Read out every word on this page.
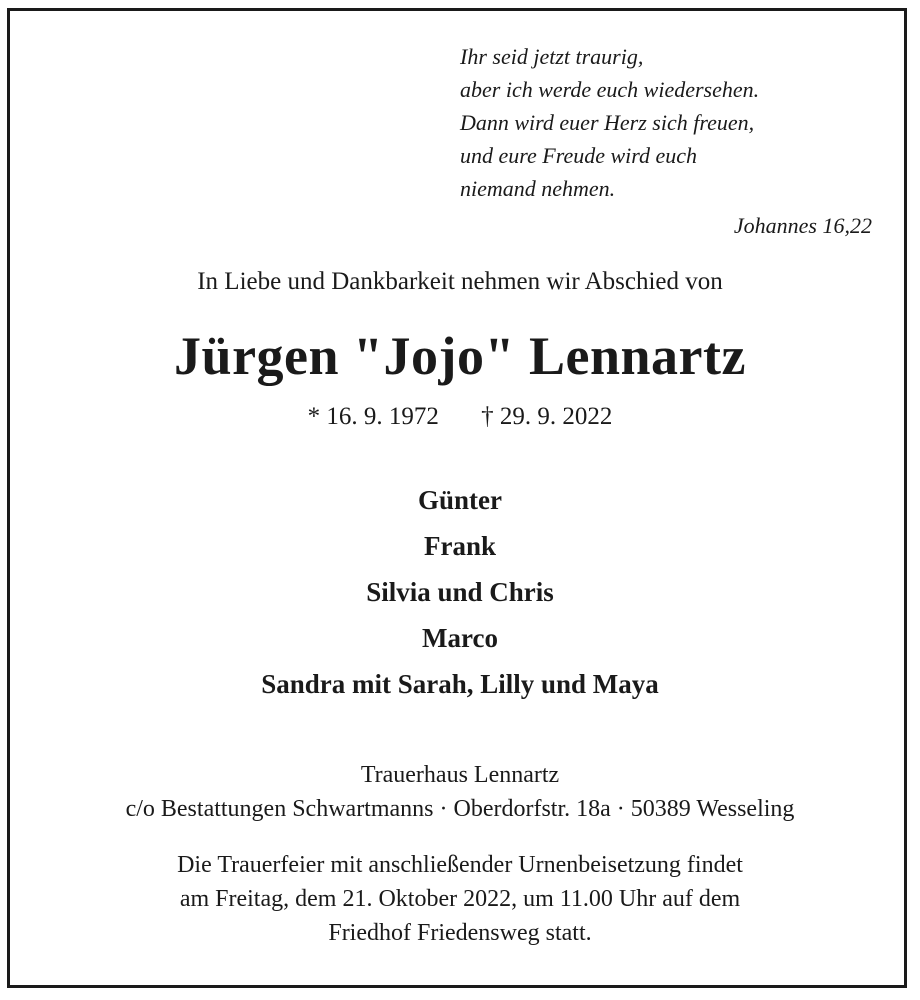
Ihr seid jetzt traurig,
aber ich werde euch wiedersehen.
Dann wird euer Herz sich freuen,
und eure Freude wird euch
niemand nehmen.
Johannes 16,22
In Liebe und Dankbarkeit nehmen wir Abschied von
Jürgen "Jojo" Lennartz
* 16. 9. 1972 † 29. 9. 2022
Günter
Frank
Silvia und Chris
Marco
Sandra mit Sarah, Lilly und Maya
Trauerhaus Lennartz
c/o Bestattungen Schwartmanns · Oberdorfstr. 18a · 50389 Wesseling
Die Trauerfeier mit anschließender Urnenbeisetzung findet
am Freitag, dem 21. Oktober 2022, um 11.00 Uhr auf dem
Friedhof Friedensweg statt.
